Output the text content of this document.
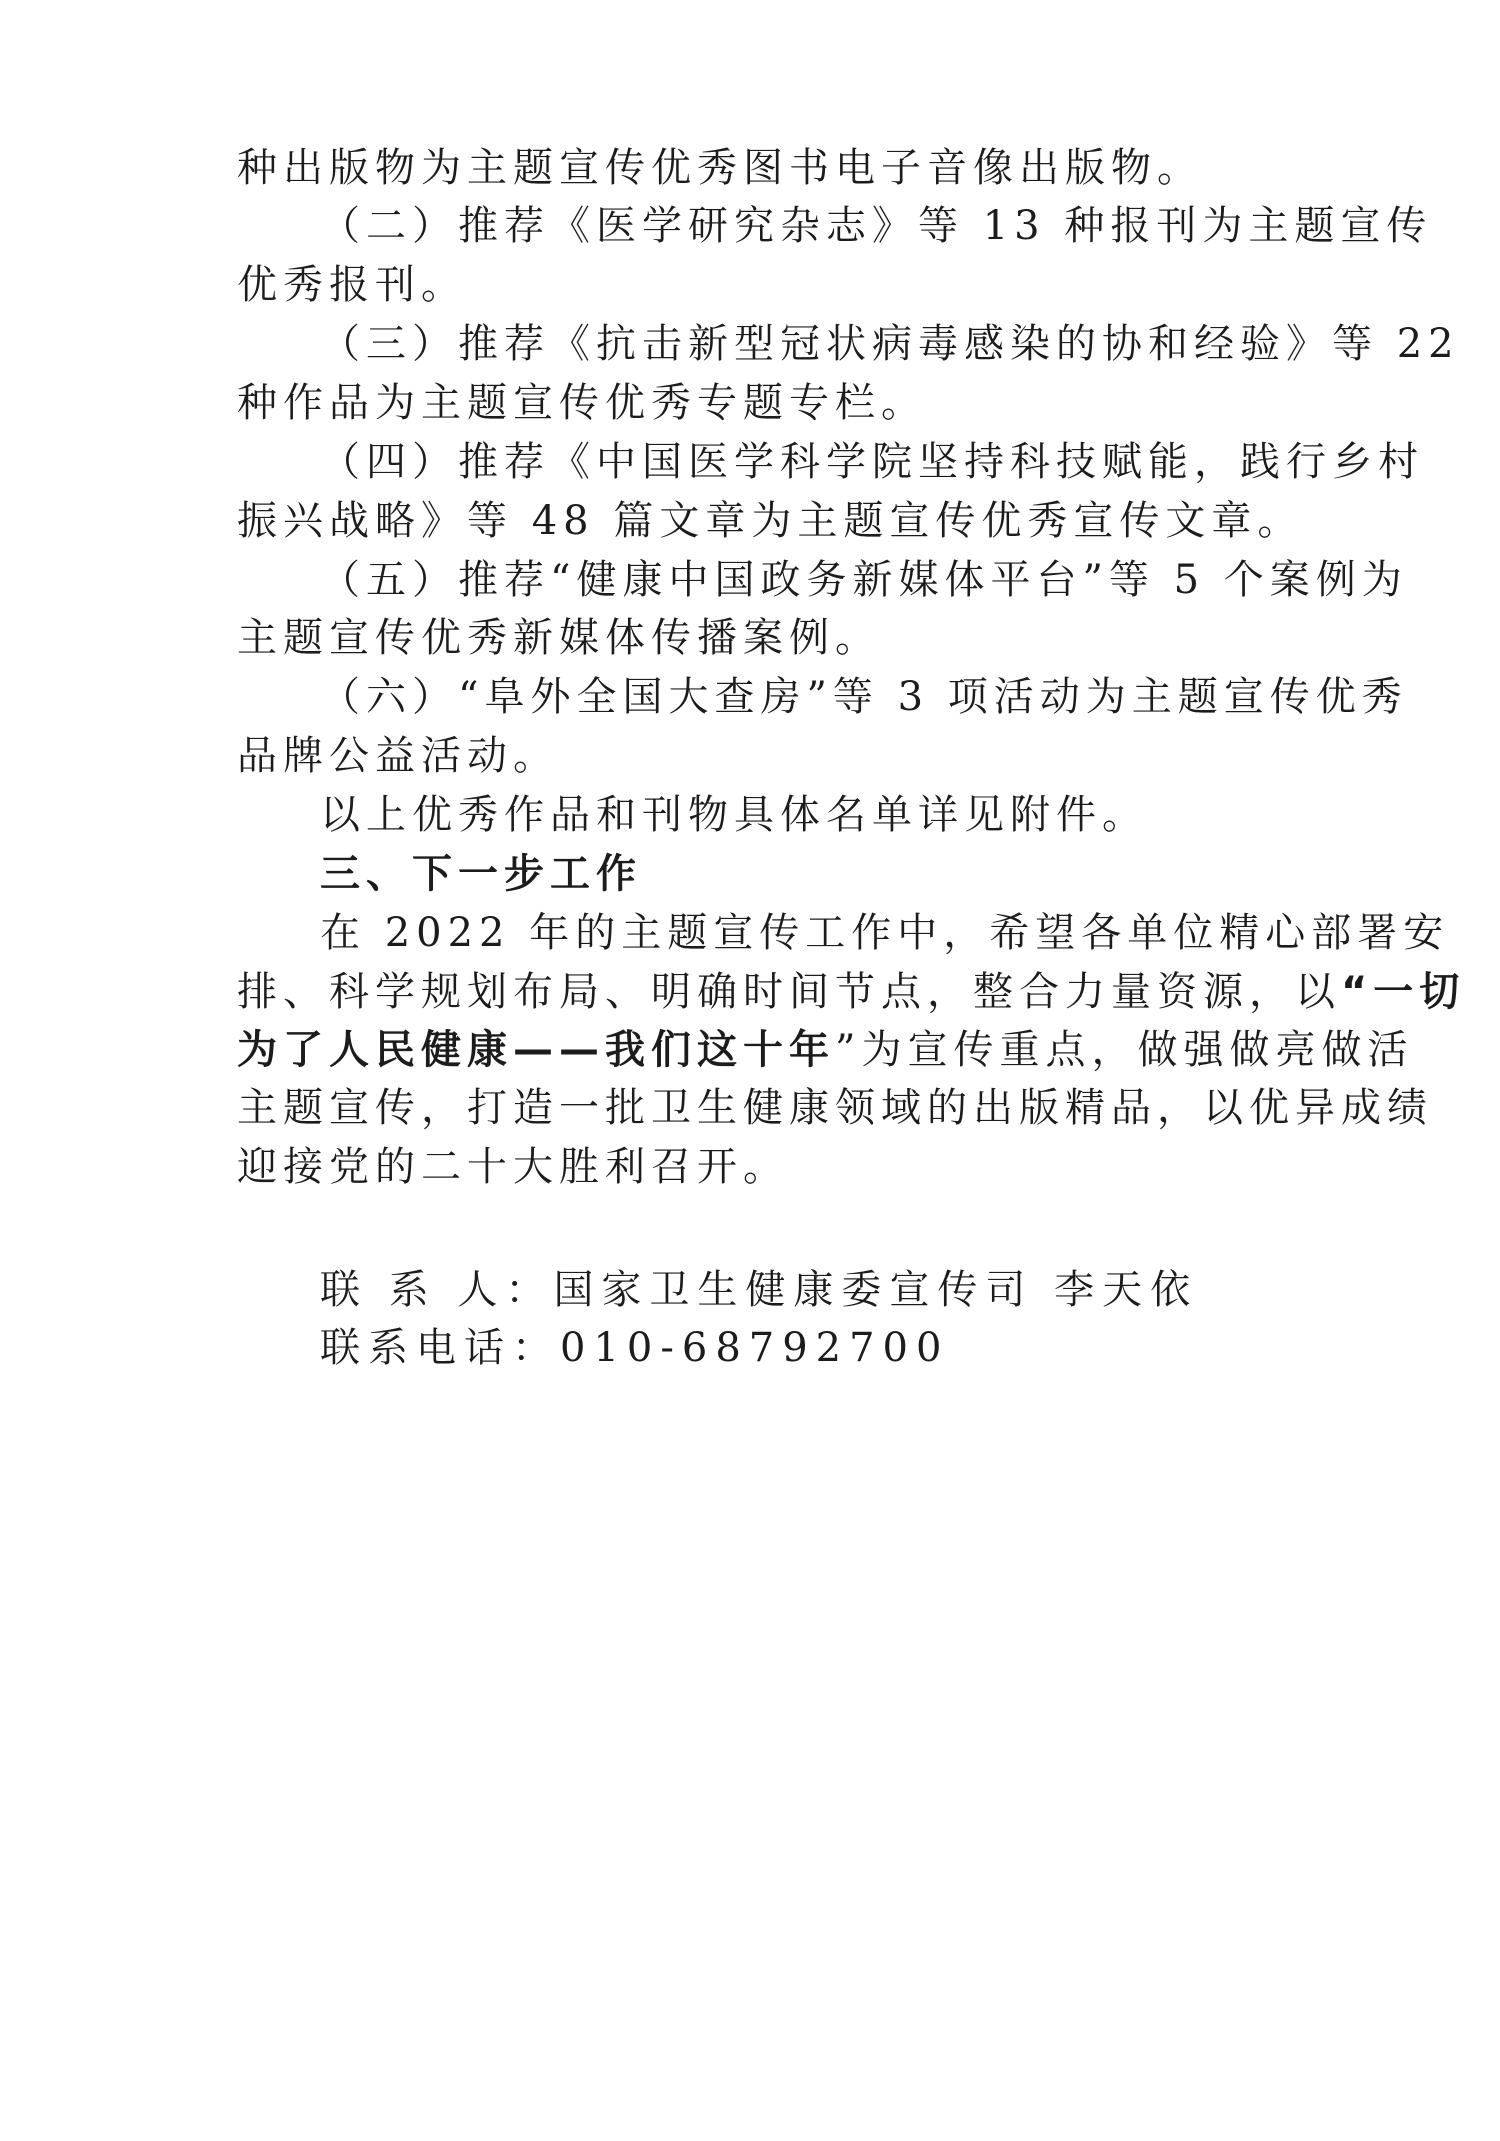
种出版物为主题宣传优秀图书电子音像出版物。
（二）推荐《医学研究杂志》等 13 种报刊为主题宣传
优秀报刊。
（三）推荐《抗击新型冠状病毒感染的协和经验》等 22
种作品为主题宣传优秀专题专栏。
（四）推荐《中国医学科学院坚持科技赋能，践行乡村
振兴战略》等 48 篇文章为主题宣传优秀宣传文章。
（五）推荐“健康中国政务新媒体平台”等 5 个案例为
主题宣传优秀新媒体传播案例。
（六）“阜外全国大查房”等 3 项活动为主题宣传优秀
品牌公益活动。
以上优秀作品和刊物具体名单详见附件。
三、下一步工作
在 2022 年的主题宣传工作中，希望各单位精心部署安
排、科学规划布局、明确时间节点，整合力量资源，以“一切
为了人民健康——我们这十年”为宣传重点，做强做亮做活
主题宣传，打造一批卫生健康领域的出版精品，以优异成绩
迎接党的二十大胜利召开。
联 系 人：国家卫生健康委宣传司 李天依
联系电话：010-68792700
